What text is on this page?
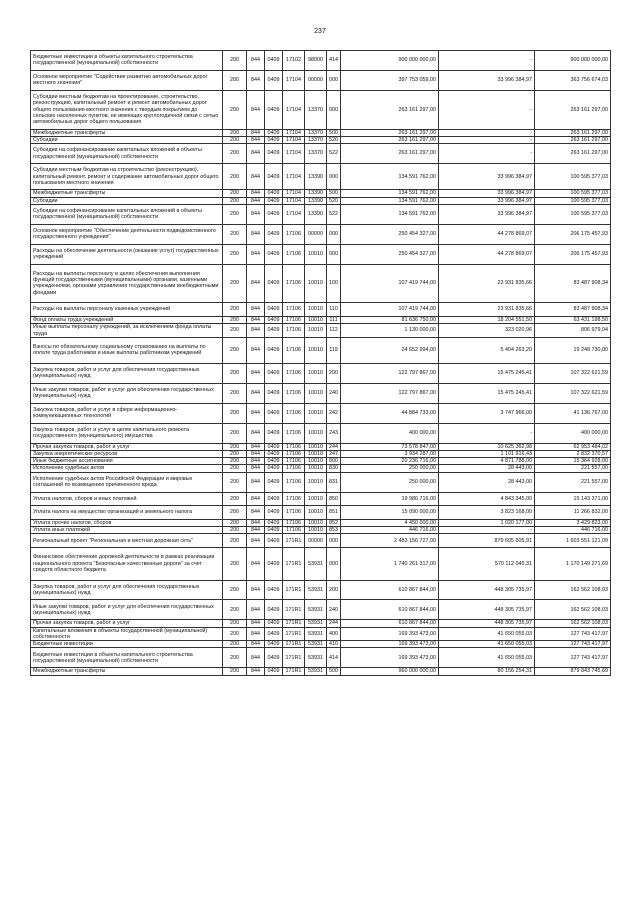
237
Бюджетные инвестиции в объекты капитального строительства государственной (муниципальной) собственности	200	844	0409	17102	98000	414	900 000 000,00	-	900 000 000,00
Основное мероприятие "Содействие развитию автомобильных дорог местного значения"	200	844	0409	17104	00000	000	397 753 059,00	33 996 384,97	363 756 674,03
Субсидии местным бюджетам на проектирование, строительство, реконструкцию, капитальный ремонт и ремонт автомобильных дорог общего пользования местного значения с твердым покрытием до сельских населенных пунктов, не имеющих круглогодичной связи с сетью автомобильных дорог общего пользования	200	844	0409	17104	13370	000	263 161 297,00	-	263 161 297,00
Межбюджетные трансферты	200	844	0409	17104	13370	500	263 161 297,00	-	263 161 297,00
Субсидии	200	844	0409	17104	13370	520	263 161 297,00	-	263 161 297,00
Субсидии на софинансирование капитальных вложений в объекты государственной (муниципальной) собственности	200	844	0409	17104	13370	522	263 161 297,00	-	263 161 297,00
Субсидии местным бюджетам на строительство (реконструкцию), капитальный ремонт, ремонт и содержание автомобильных дорог общего пользования местного значения	200	844	0409	17104	13390	000	134 591 762,00	33 996 384,97	100 595 377,03
Межбюджетные трансферты	200	844	0409	17104	13390	500	134 591 762,00	33 996 384,97	100 595 377,03
Субсидии	200	844	0409	17104	13390	520	134 591 762,00	33 996 384,97	100 595 377,03
Субсидии на софинансирование капитальных вложений в объекты государственной (муниципальной) собственности	200	844	0409	17104	13390	522	134 591 762,00	33 996 384,97	100 595 377,03
Основное мероприятие "Обеспечение деятельности подведомственного государственного учреждения"	200	844	0409	17106	00000	000	250 454 327,00	44 278 869,07	206 175 457,93
Расходы на обеспечение деятельности (оказание услуг) государственных учреждений	200	844	0409	17106	10010	000	250 454 327,00	44 278 869,07	206 175 457,93
Расходы на выплаты персоналу в целях обеспечения выполнения функций государственными (муниципальными) органами, казенными учреждениями, органами управления государственными внебюджетными фондами	200	844	0409	17106	10010	100	107 419 744,00	23 931 835,66	83 487 908,34
Расходы на выплаты персоналу казенных учреждений	200	844	0409	17106	10010	110	107 419 744,00	23 931 835,66	83 487 908,34
Фонд оплаты труда учреждений	200	844	0409	17106	10010	111	81 636 750,00	18 204 551,50	63 431 198,50
Иные выплаты персоналу учреждений, за исключением фонда оплаты труда	200	844	0409	17106	10010	112	1 130 000,00	323 020,96	806 979,04
Взносы по обязательному социальному страхованию на выплаты по оплате труда работников и иные выплаты работникам учреждений	200	844	0409	17106	10010	119	24 652 994,00	5 404 263,20	19 248 730,80
Закупка товаров, работ и услуг для обеспечения государственных (муниципальных) нужд	200	844	0409	17106	10010	200	122 797 867,00	15 475 245,41	107 322 621,59
Иные закупки товаров, работ и услуг для обеспечения государственных (муниципальных) нужд	200	844	0409	17106	10010	240	122 797 867,00	15 475 245,41	107 322 621,59
Закупка товаров, работ и услуг в сфере информационно-коммуникационных технологий	200	844	0409	17106	10010	242	44 884 733,00	3 747 966,00	41 136 767,00
Закупка товаров, работ и услуг в целях капитального ремонта государственного (муниципального) имущества	200	844	0409	17106	10010	243	400 000,00	-	400 000,00
Прочая закупка товаров, работ и услуг	200	844	0409	17106	10010	244	73 578 847,00	10 625 362,98	62 953 484,02
Закупка энергетических ресурсов	200	844	0409	17106	10010	247	3 934 287,00	1 101 916,43	2 832 370,57
Иные бюджетные ассигнования	200	844	0409	17106	10010	800	20 236 716,00	4 871 788,00	15 364 928,00
Исполнение судебных актов	200	844	0409	17106	10010	830	250 000,00	28 443,00	221 557,00
Исполнение судебных актов Российской Федерации и мировых соглашений по возмещению причиненного вреда	200	844	0409	17106	10010	831	250 000,00	28 443,00	221 557,00
Уплата налогов, сборов и иных платежей	200	844	0409	17106	10010	850	19 986 716,00	4 843 345,00	15 143 371,00
Уплата налога на имущество организаций и земельного налога	200	844	0409	17106	10010	851	15 090 000,00	3 823 168,00	11 266 832,00
Уплата прочих налогов, сборов	200	844	0409	17106	10010	852	4 450 000,00	1 020 177,00	3 429 823,00
Уплата иных платежей	200	844	0409	17106	10010	853	446 716,00	-	446 716,00
Региональный проект "Региональная и местная дорожная сеть"	200	844	0409	171R1	00000	000	2 483 156 727,00	879 605 605,91	1 603 551 121,09
Финансовое обеспечение дорожной деятельности в рамках реализации национального проекта "Безопасные качественные дороги" за счет средств областного бюджета	200	844	0409	171R1	53931	000	1 740 261 317,00	570 112 045,31	1 170 149 271,69
Закупка товаров, работ и услуг для обеспечения государственных (муниципальных) нужд	200	844	0409	171R1	53931	200	610 867 844,00	448 305 735,97	162 562 108,03
Иные закупки товаров, работ и услуг для обеспечения государственных (муниципальных) нужд	200	844	0409	171R1	53931	240	610 867 844,00	448 305 735,97	162 562 108,03
Прочая закупка товаров, работ и услуг	200	844	0409	171R1	53931	244	610 867 844,00	448 305 735,97	162 562 108,03
Капитальные вложения в объекты государственной (муниципальной) собственности	200	844	0409	171R1	53931	400	169 393 473,00	41 650 055,03	127 743 417,97
Бюджетные инвестиции	200	844	0409	171R1	53931	410	169 393 473,00	41 650 055,03	127 743 417,97
Бюджетные инвестиции в объекты капитального строительства государственной (муниципальной) собственности	200	844	0409	171R1	53931	414	169 393 473,00	41 650 055,03	127 743 417,97
Межбюджетные трансферты	200	844	0409	171R1	53931	500	960 000 000,00	80 156 254,31	879 843 745,69
